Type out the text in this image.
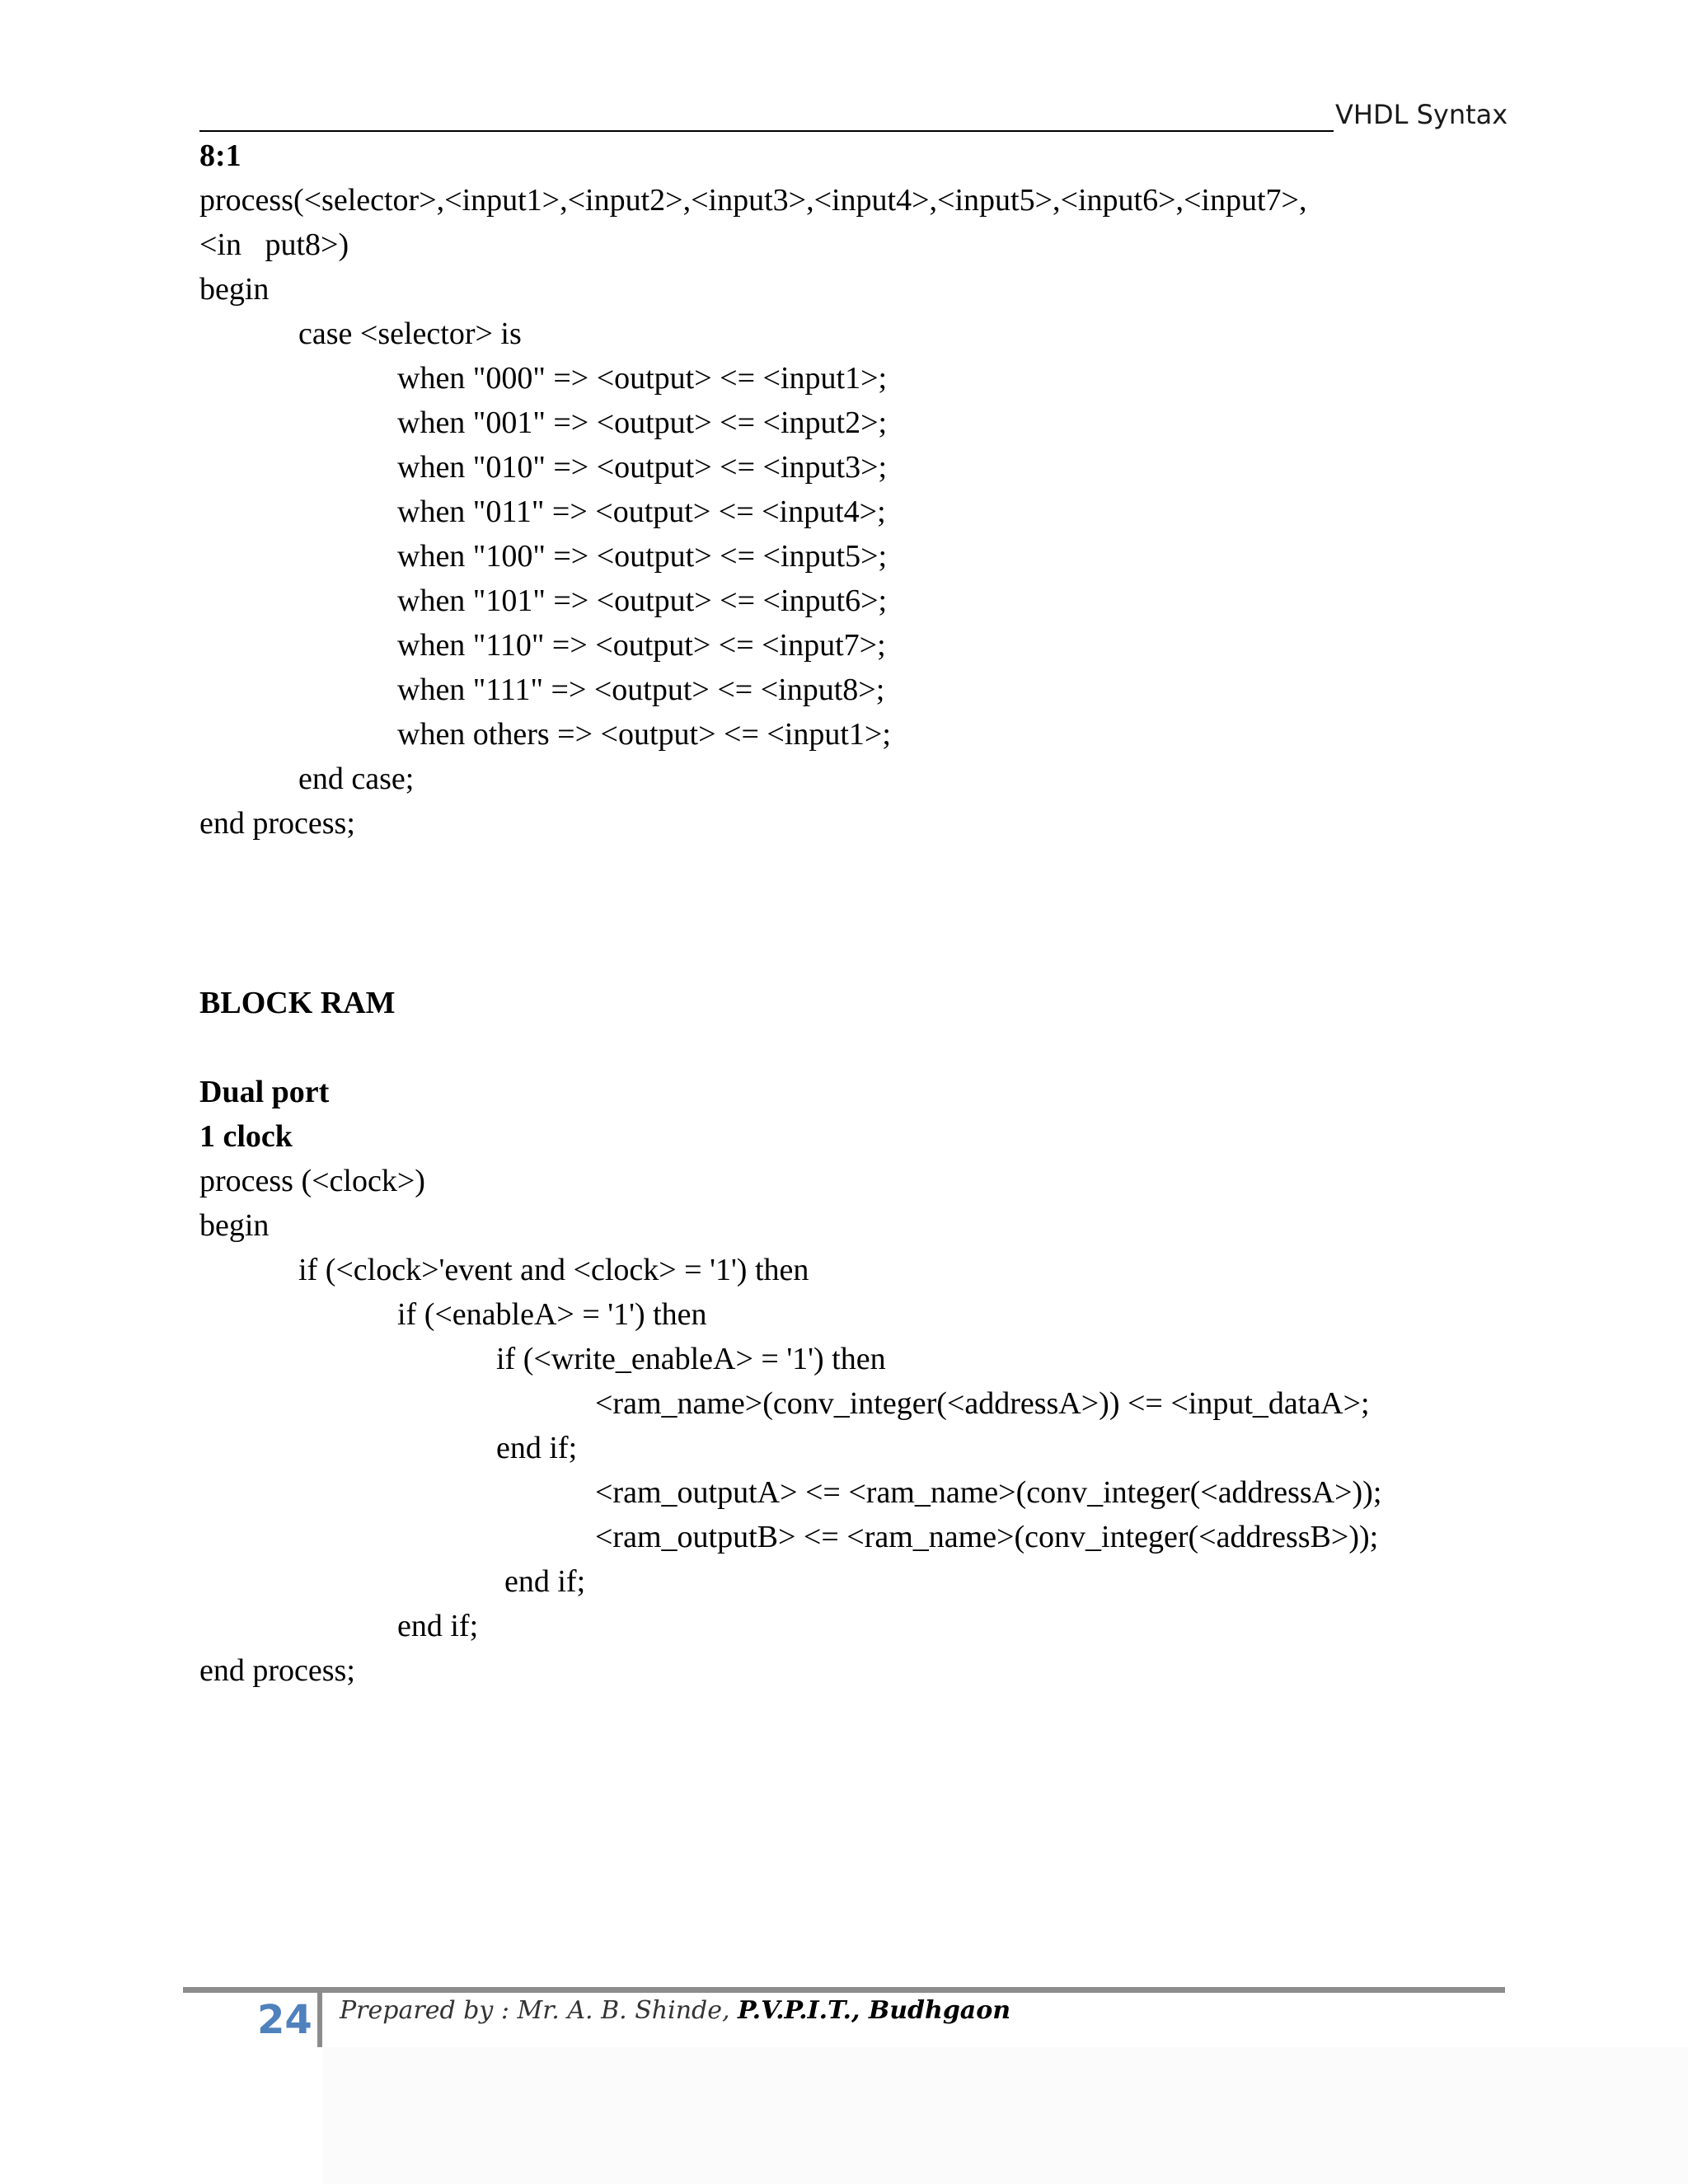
VHDL Syntax
8:1
process(<selector>,<input1>,<input2>,<input3>,<input4>,<input5>,<input6>,<input7>,
<in   put8>)
begin
case <selector> is
when "000" => <output> <= <input1>;
when "001" => <output> <= <input2>;
when "010" => <output> <= <input3>;
when "011" => <output> <= <input4>;
when "100" => <output> <= <input5>;
when "101" => <output> <= <input6>;
when "110" => <output> <= <input7>;
when "111" => <output> <= <input8>;
when others => <output> <= <input1>;
end case;
end process;
BLOCK RAM
Dual port
1 clock
process (<clock>)
begin
if (<clock>'event and <clock> = '1') then
if (<enableA> = '1') then
if (<write_enableA> = '1') then
<ram_name>(conv_integer(<addressA>)) <= <input_dataA>;
end if;
<ram_outputA> <= <ram_name>(conv_integer(<addressA>));
<ram_outputB> <= <ram_name>(conv_integer(<addressB>));
end if;
end if;
end process;
24 Prepared by : Mr. A. B. Shinde, P.V.P.I.T., Budhgaon
